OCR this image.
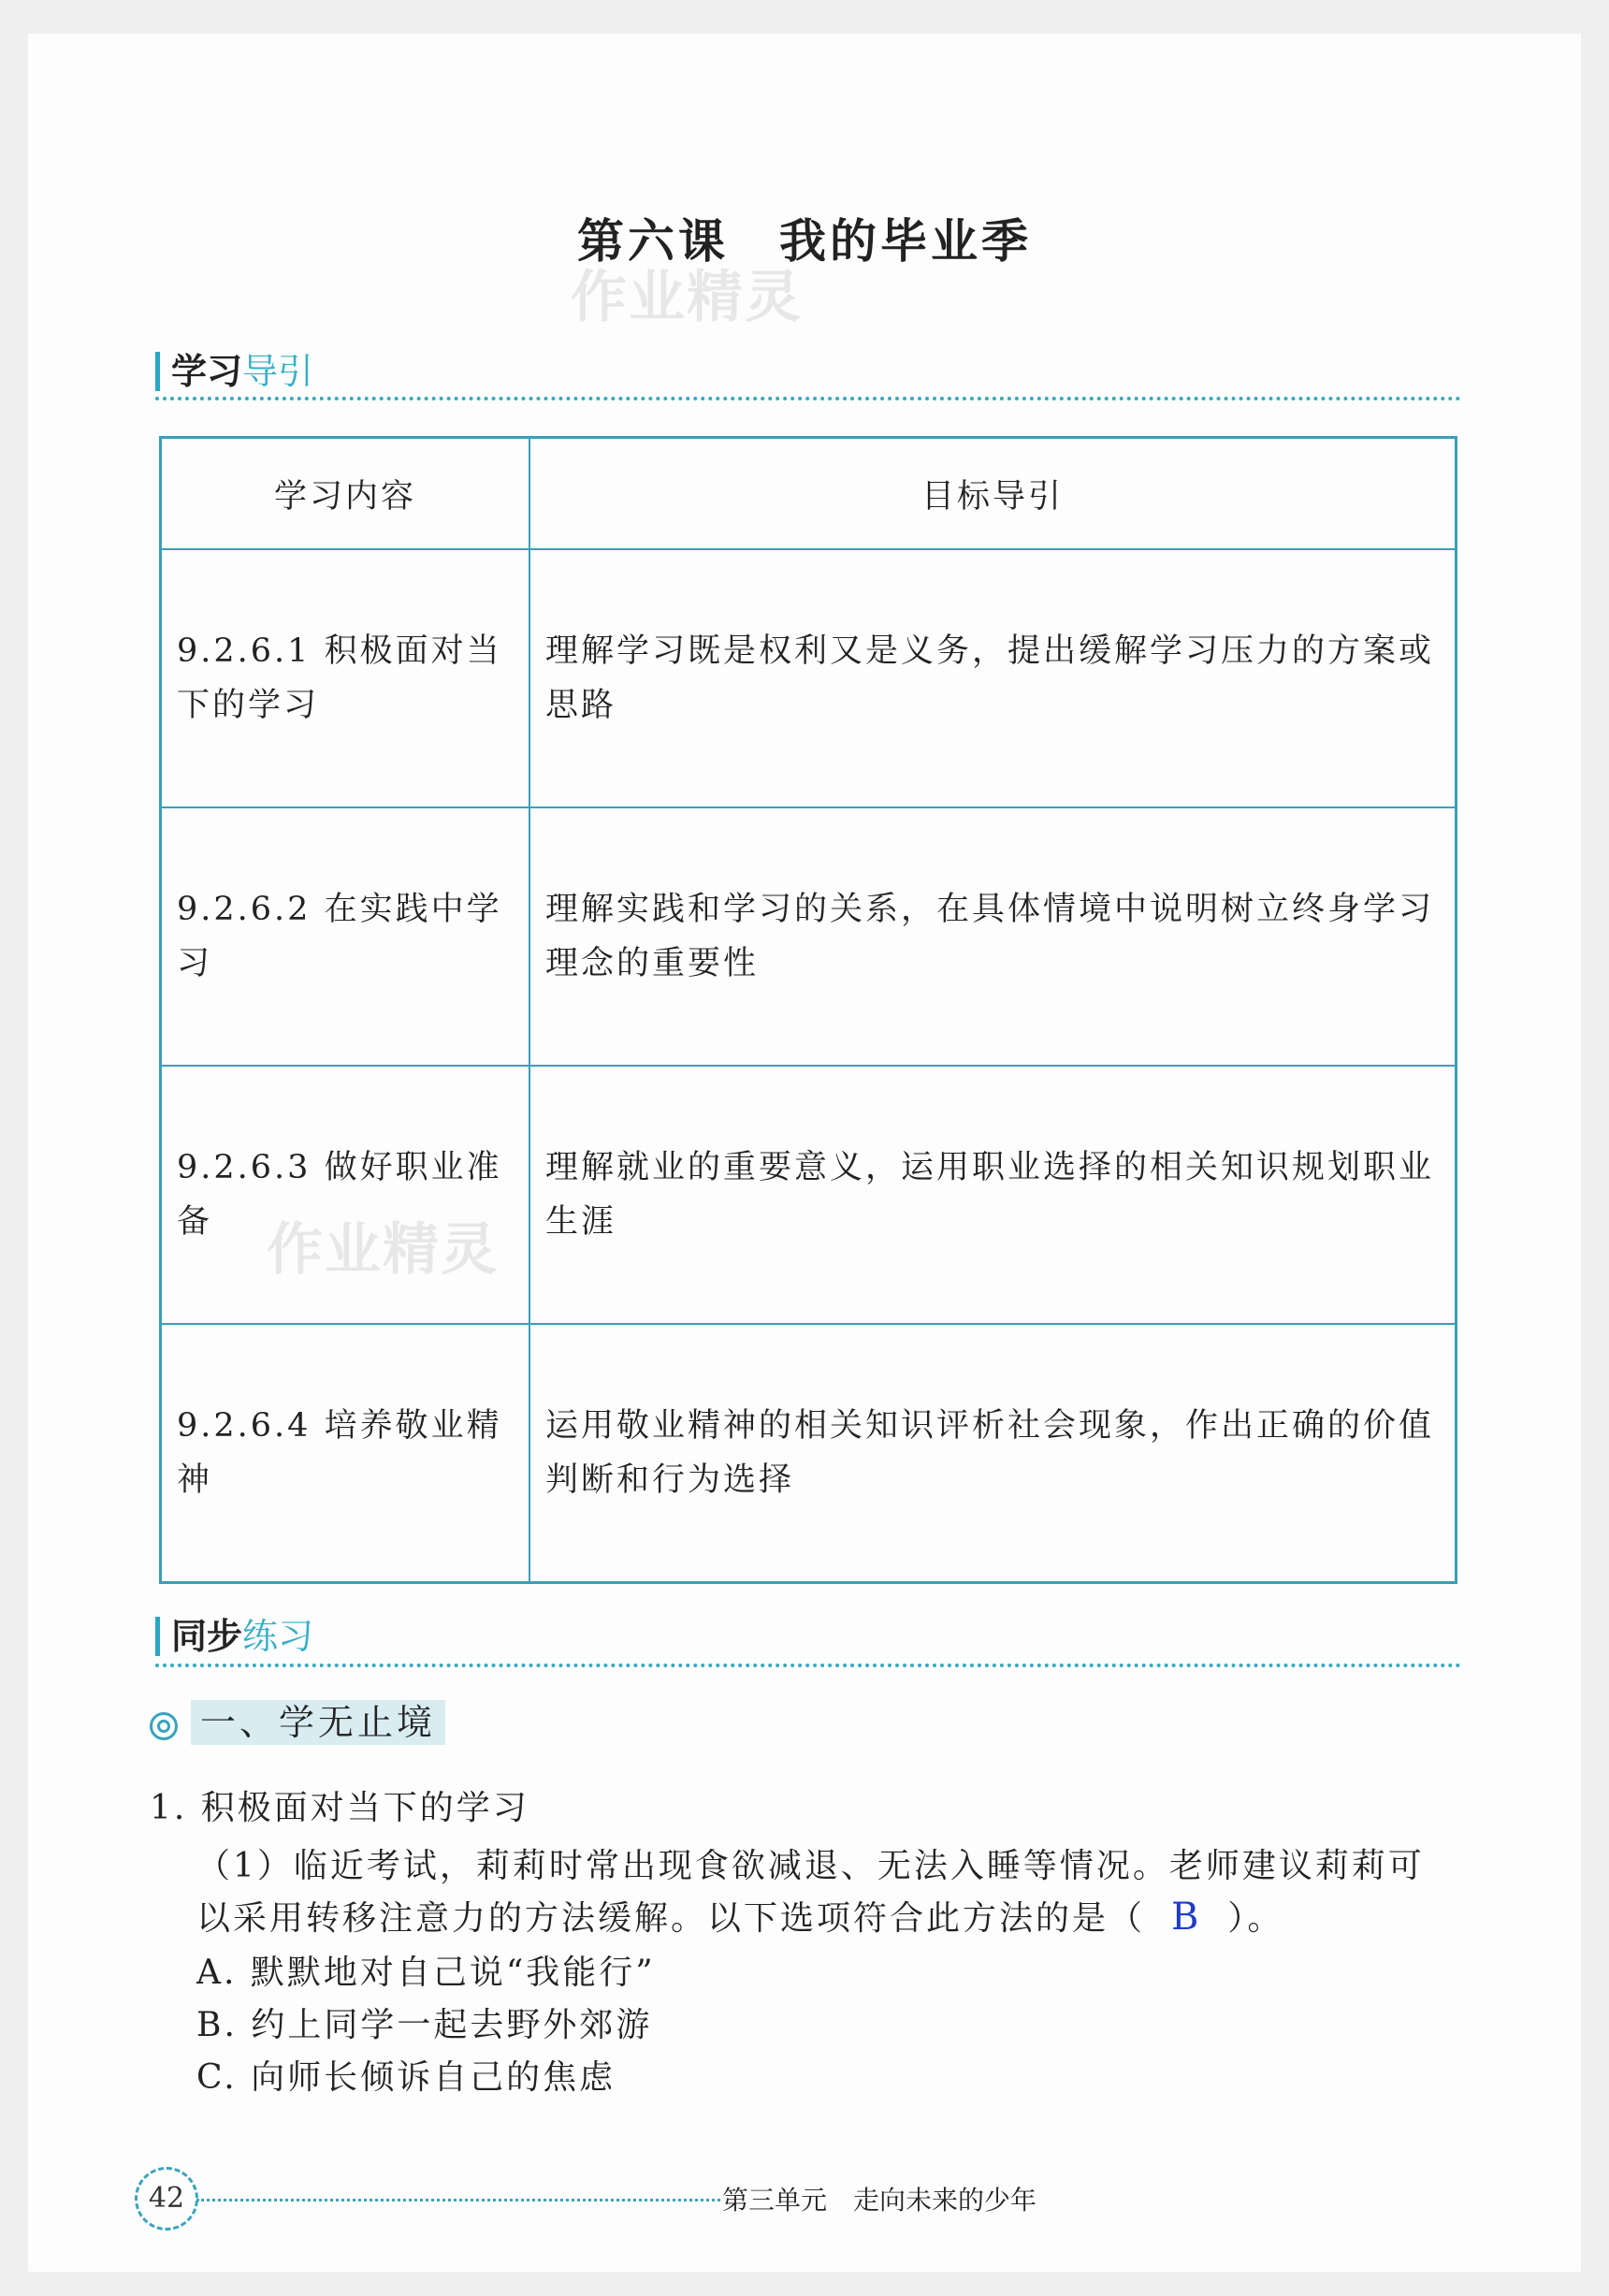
第六课　我的毕业季
作业精灵
学习导引
学习内容	目标导引
9.2.6.1 积极面对当下的学习	理解学习既是权利又是义务，提出缓解学习压力的方案或思路
9.2.6.2 在实践中学习	理解实践和学习的关系，在具体情境中说明树立终身学习理念的重要性
9.2.6.3 做好职业准备	理解就业的重要意义，运用职业选择的相关知识规划职业生涯
9.2.6.4 培养敬业精神	运用敬业精神的相关知识评析社会现象，作出正确的价值判断和行为选择
作业精灵
同步练习
一、学无止境
1. 积极面对当下的学习
（1）临近考试，莉莉时常出现食欲减退、无法入睡等情况。老师建议莉莉可
以采用转移注意力的方法缓解。以下选项符合此方法的是（ B ）。
A. 默默地对自己说“我能行”
B. 约上同学一起去野外郊游
C. 向师长倾诉自己的焦虑
42	第三单元　走向未来的少年
